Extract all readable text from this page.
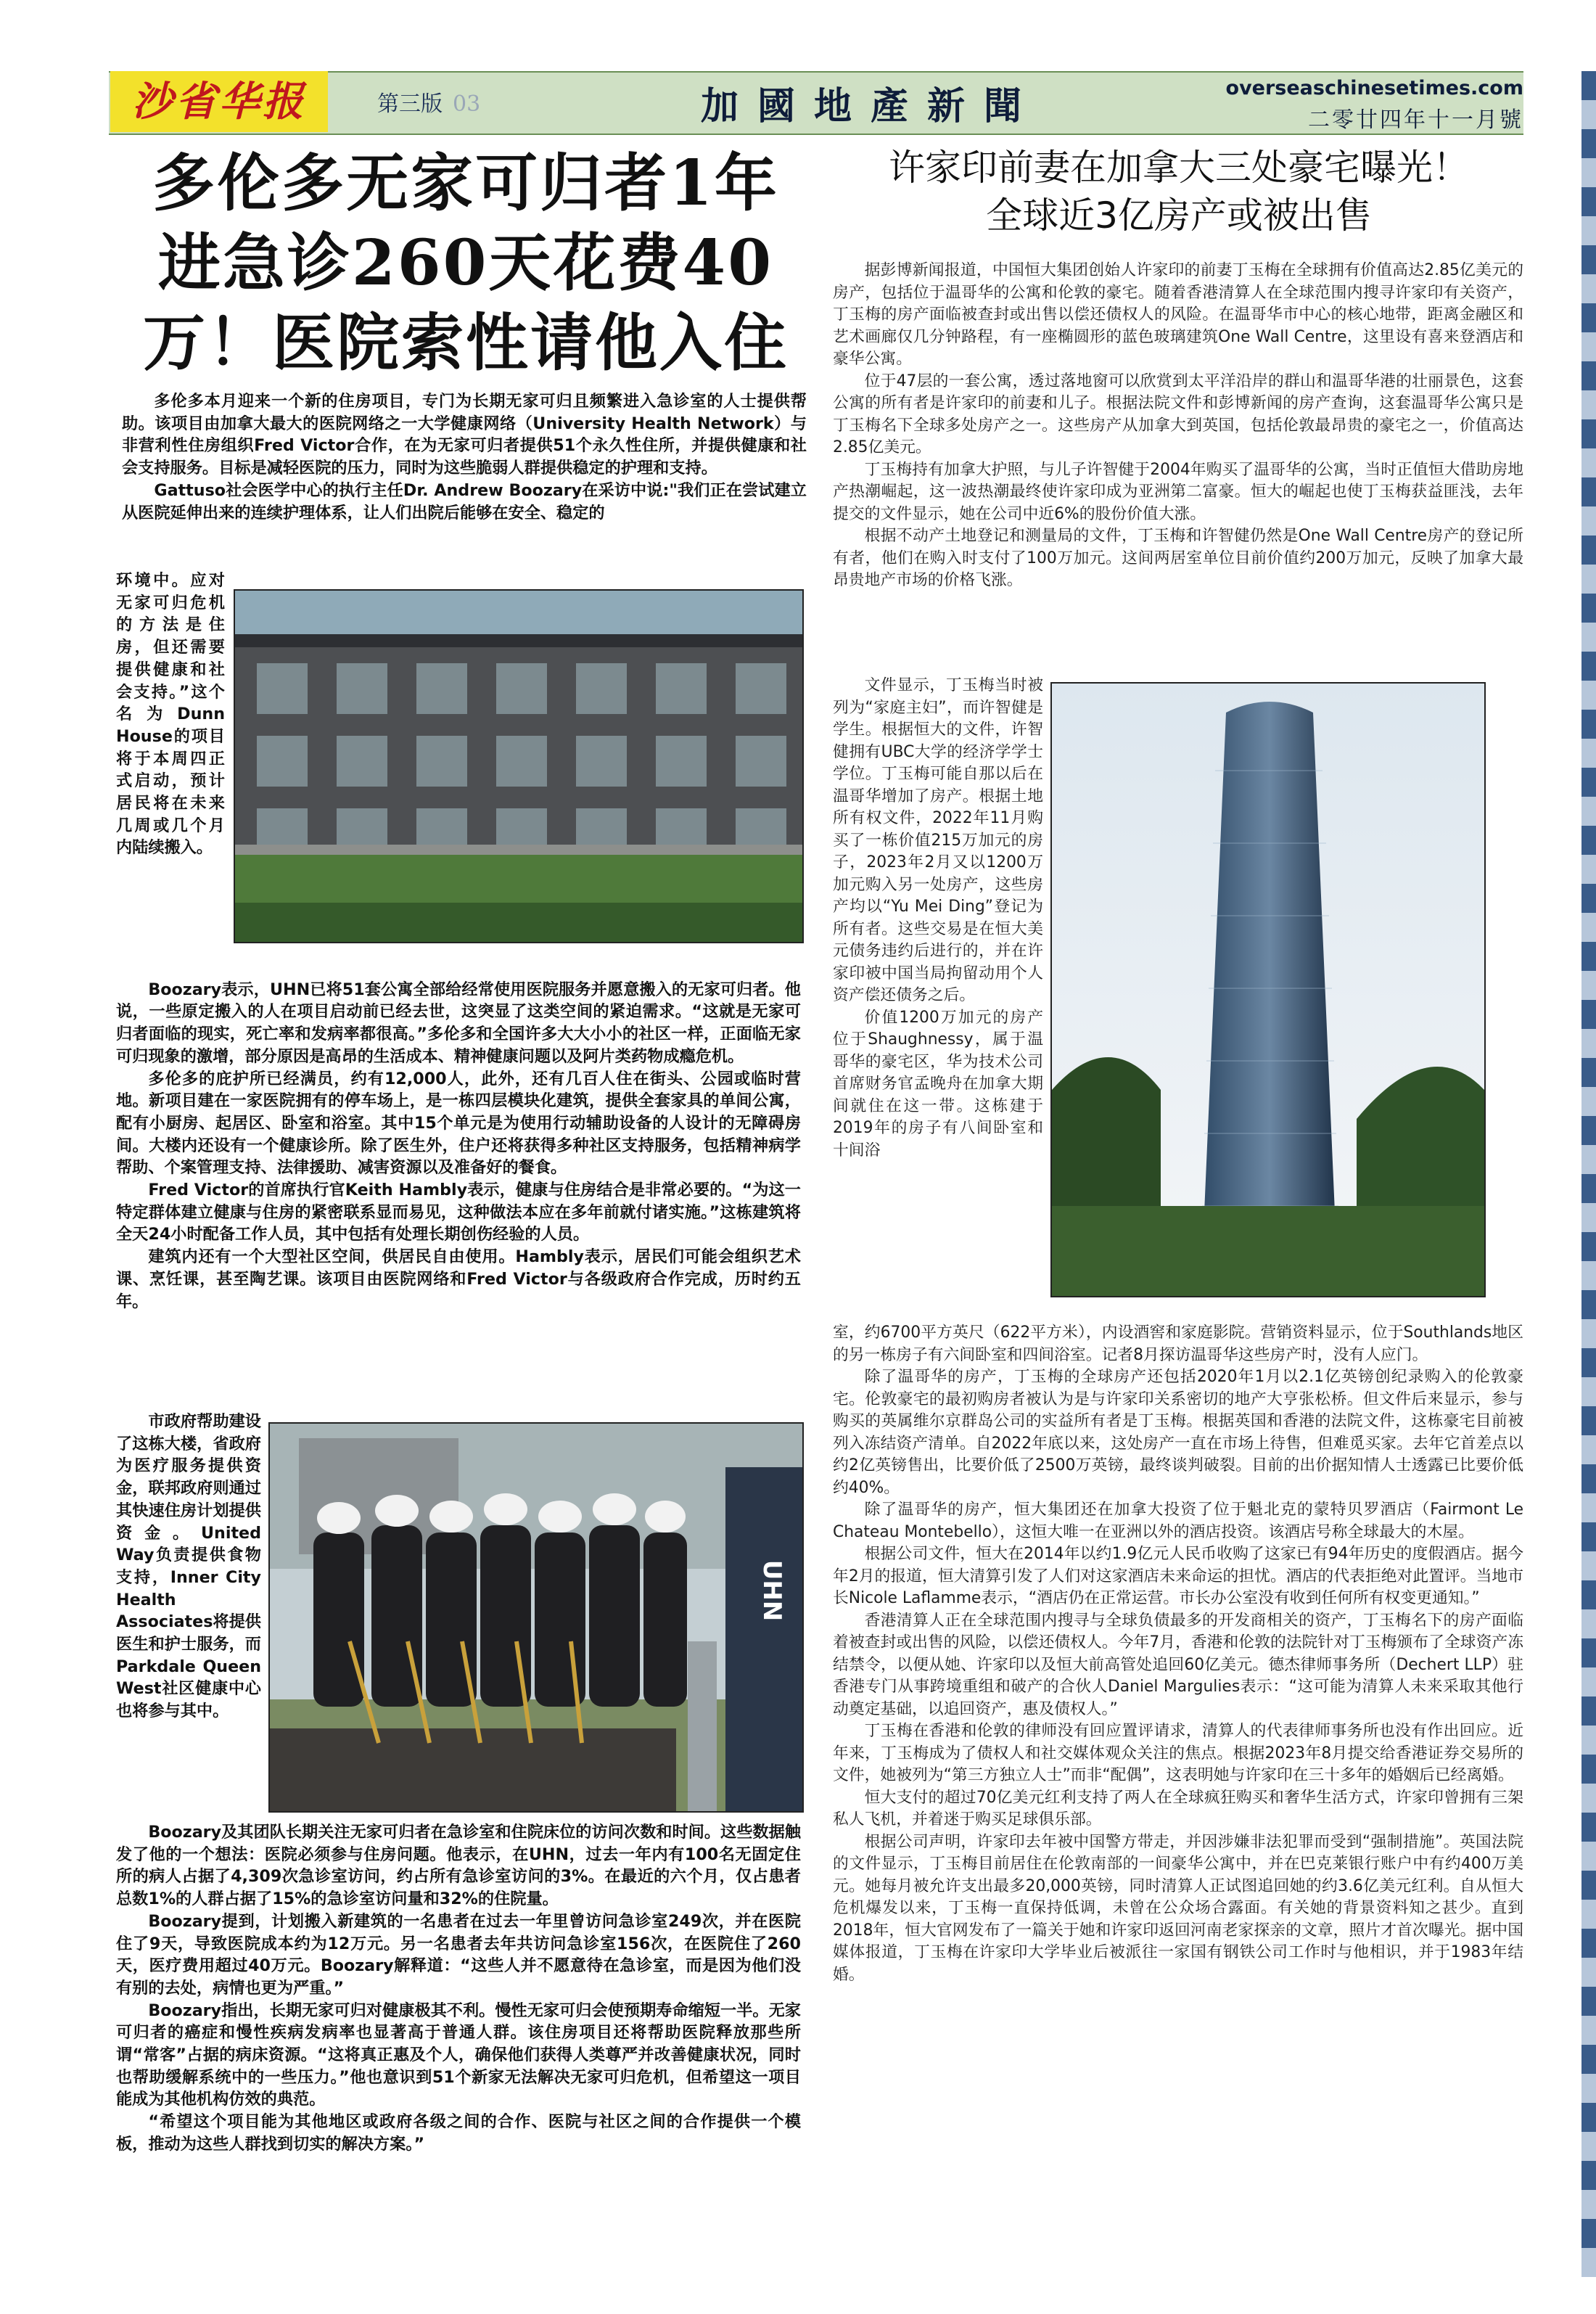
沙省华报	第三版 03	加國地產新聞	overseaschinesetimes.com
二零廿四年十一月號
多伦多无家可归者1年
进急诊260天花费40
万！医院索性请他入住

多伦多本月迎来一个新的住房项目，专门为长期无家可归且频繁进入急诊室的人士提供帮助。该项目由加拿大最大的医院网络之一大学健康网络（University Health Network）与非营利性住房组织Fred Victor合作，在为无家可归者提供51个永久性住所，并提供健康和社会支持服务。目标是减轻医院的压力，同时为这些脆弱人群提供稳定的护理和支持。

Gattuso社会医学中心的执行主任Dr. Andrew Boozary在采访中说:"我们正在尝试建立从医院延伸出来的连续护理体系，让人们出院后能够在安全、稳定的

环境中。应对无家可归危机的方法是住房，但还需要提供健康和社会支持。”这个名为Dunn House的项目将于本周四正式启动，预计居民将在未来几周或几个月内陆续搬入。

Boozary表示，UHN已将51套公寓全部给经常使用医院服务并愿意搬入的无家可归者。他说，一些原定搬入的人在项目启动前已经去世，这突显了这类空间的紧迫需求。“这就是无家可归者面临的现实，死亡率和发病率都很高。”多伦多和全国许多大大小小的社区一样，正面临无家可归现象的激增，部分原因是高昂的生活成本、精神健康问题以及阿片类药物成瘾危机。

多伦多的庇护所已经满员，约有12,000人，此外，还有几百人住在街头、公园或临时营地。新项目建在一家医院拥有的停车场上，是一栋四层模块化建筑，提供全套家具的单间公寓，配有小厨房、起居区、卧室和浴室。其中15个单元是为使用行动辅助设备的人设计的无障碍房间。大楼内还设有一个健康诊所。除了医生外，住户还将获得多种社区支持服务，包括精神病学帮助、个案管理支持、法律援助、减害资源以及准备好的餐食。

Fred Victor的首席执行官Keith Hambly表示，健康与住房结合是非常必要的。“为这一特定群体建立健康与住房的紧密联系显而易见，这种做法本应在多年前就付诸实施。”这栋建筑将全天24小时配备工作人员，其中包括有处理长期创伤经验的人员。

建筑内还有一个大型社区空间，供居民自由使用。Hambly表示，居民们可能会组织艺术课、烹饪课，甚至陶艺课。该项目由医院网络和Fred Victor与各级政府合作完成，历时约五年。

市政府帮助建设了这栋大楼，省政府为医疗服务提供资金，联邦政府则通过其快速住房计划提供资金。United Way负责提供食物支持，Inner City Health Associates将提供医生和护士服务，而Parkdale Queen West社区健康中心也将参与其中。

UHN

Boozary及其团队长期关注无家可归者在急诊室和住院床位的访问次数和时间。这些数据触发了他的一个想法：医院必须参与住房问题。他表示，在UHN，过去一年内有100名无固定住所的病人占据了4,309次急诊室访问，约占所有急诊室访问的3%。在最近的六个月，仅占患者总数1%的人群占据了15%的急诊室访问量和32%的住院量。

Boozary提到，计划搬入新建筑的一名患者在过去一年里曾访问急诊室249次，并在医院住了9天，导致医院成本约为12万元。另一名患者去年共访问急诊室156次，在医院住了260天，医疗费用超过40万元。Boozary解释道：“这些人并不愿意待在急诊室，而是因为他们没有别的去处，病情也更为严重。”

Boozary指出，长期无家可归对健康极其不利。慢性无家可归会使预期寿命缩短一半。无家可归者的癌症和慢性疾病发病率也显著高于普通人群。该住房项目还将帮助医院释放那些所谓“常客”占据的病床资源。“这将真正惠及个人，确保他们获得人类尊严并改善健康状况，同时也帮助缓解系统中的一些压力。”他也意识到51个新家无法解决无家可归危机，但希望这一项目能成为其他机构仿效的典范。

“希望这个项目能为其他地区或政府各级之间的合作、医院与社区之间的合作提供一个模板，推动为这些人群找到切实的解决方案。”

许家印前妻在加拿大三处豪宅曝光！
全球近3亿房产或被出售

据彭博新闻报道，中国恒大集团创始人许家印的前妻丁玉梅在全球拥有价值高达2.85亿美元的房产，包括位于温哥华的公寓和伦敦的豪宅。随着香港清算人在全球范围内搜寻许家印有关资产，丁玉梅的房产面临被查封或出售以偿还债权人的风险。在温哥华市中心的核心地带，距离金融区和艺术画廊仅几分钟路程，有一座椭圆形的蓝色玻璃建筑One Wall Centre，这里设有喜来登酒店和豪华公寓。

位于47层的一套公寓，透过落地窗可以欣赏到太平洋沿岸的群山和温哥华港的壮丽景色，这套公寓的所有者是许家印的前妻和儿子。根据法院文件和彭博新闻的房产查询，这套温哥华公寓只是丁玉梅名下全球多处房产之一。这些房产从加拿大到英国，包括伦敦最昂贵的豪宅之一，价值高达2.85亿美元。

丁玉梅持有加拿大护照，与儿子许智健于2004年购买了温哥华的公寓，当时正值恒大借助房地产热潮崛起，这一波热潮最终使许家印成为亚洲第二富豪。恒大的崛起也使丁玉梅获益匪浅，去年提交的文件显示，她在公司中近6%的股份价值大涨。

根据不动产土地登记和测量局的文件，丁玉梅和许智健仍然是One Wall Centre房产的登记所有者，他们在购入时支付了100万加元。这间两居室单位目前价值约200万加元，反映了加拿大最昂贵地产市场的价格飞涨。

文件显示，丁玉梅当时被列为“家庭主妇”，而许智健是学生。根据恒大的文件，许智健拥有UBC大学的经济学学士学位。丁玉梅可能自那以后在温哥华增加了房产。根据土地所有权文件，2022年11月购买了一栋价值215万加元的房子，2023年2月又以1200万加元购入另一处房产，这些房产均以“Yu Mei Ding”登记为所有者。这些交易是在恒大美元债务违约后进行的，并在许家印被中国当局拘留动用个人资产偿还债务之后。

价值1200万加元的房产位于Shaughnessy，属于温哥华的豪宅区，华为技术公司首席财务官孟晚舟在加拿大期间就住在这一带。这栋建于2019年的房子有八间卧室和十间浴

室，约6700平方英尺（622平方米），内设酒窖和家庭影院。营销资料显示，位于Southlands地区的另一栋房子有六间卧室和四间浴室。记者8月探访温哥华这些房产时，没有人应门。

除了温哥华的房产，丁玉梅的全球房产还包括2020年1月以2.1亿英镑创纪录购入的伦敦豪宅。伦敦豪宅的最初购房者被认为是与许家印关系密切的地产大亨张松桥。但文件后来显示，参与购买的英属维尔京群岛公司的实益所有者是丁玉梅。根据英国和香港的法院文件，这栋豪宅目前被列入冻结资产清单。自2022年底以来，这处房产一直在市场上待售，但难觅买家。去年它首差点以约2亿英镑售出，比要价低了2500万英镑，最终谈判破裂。目前的出价据知情人士透露已比要价低约40%。

除了温哥华的房产，恒大集团还在加拿大投资了位于魁北克的蒙特贝罗酒店（Fairmont Le Chateau Montebello），这恒大唯一在亚洲以外的酒店投资。该酒店号称全球最大的木屋。

根据公司文件，恒大在2014年以约1.9亿元人民币收购了这家已有94年历史的度假酒店。据今年2月的报道，恒大清算引发了人们对这家酒店未来命运的担忧。酒店的代表拒绝对此置评。当地市长Nicole Laflamme表示，“酒店仍在正常运营。市长办公室没有收到任何所有权变更通知。”

香港清算人正在全球范围内搜寻与全球负债最多的开发商相关的资产，丁玉梅名下的房产面临着被查封或出售的风险，以偿还债权人。今年7月，香港和伦敦的法院针对丁玉梅颁布了全球资产冻结禁令，以便从她、许家印以及恒大前高管处追回60亿美元。德杰律师事务所（Dechert LLP）驻香港专门从事跨境重组和破产的合伙人Daniel Margulies表示：“这可能为清算人未来采取其他行动奠定基础，以追回资产，惠及债权人。”

丁玉梅在香港和伦敦的律师没有回应置评请求，清算人的代表律师事务所也没有作出回应。近年来，丁玉梅成为了债权人和社交媒体观众关注的焦点。根据2023年8月提交给香港证券交易所的文件，她被列为“第三方独立人士”而非“配偶”，这表明她与许家印在三十多年的婚姻后已经离婚。

恒大支付的超过70亿美元红利支持了两人在全球疯狂购买和奢华生活方式，许家印曾拥有三架私人飞机，并着迷于购买足球俱乐部。

根据公司声明，许家印去年被中国警方带走，并因涉嫌非法犯罪而受到“强制措施”。英国法院的文件显示，丁玉梅目前居住在伦敦南部的一间豪华公寓中，并在巴克莱银行账户中有约400万美元。她每月被允许支出最多20,000英镑，同时清算人正试图追回她的约3.6亿美元红利。自从恒大危机爆发以来，丁玉梅一直保持低调，未曾在公众场合露面。有关她的背景资料知之甚少。直到2018年，恒大官网发布了一篇关于她和许家印返回河南老家探亲的文章，照片才首次曝光。据中国媒体报道，丁玉梅在许家印大学毕业后被派往一家国有钢铁公司工作时与他相识，并于1983年结婚。
